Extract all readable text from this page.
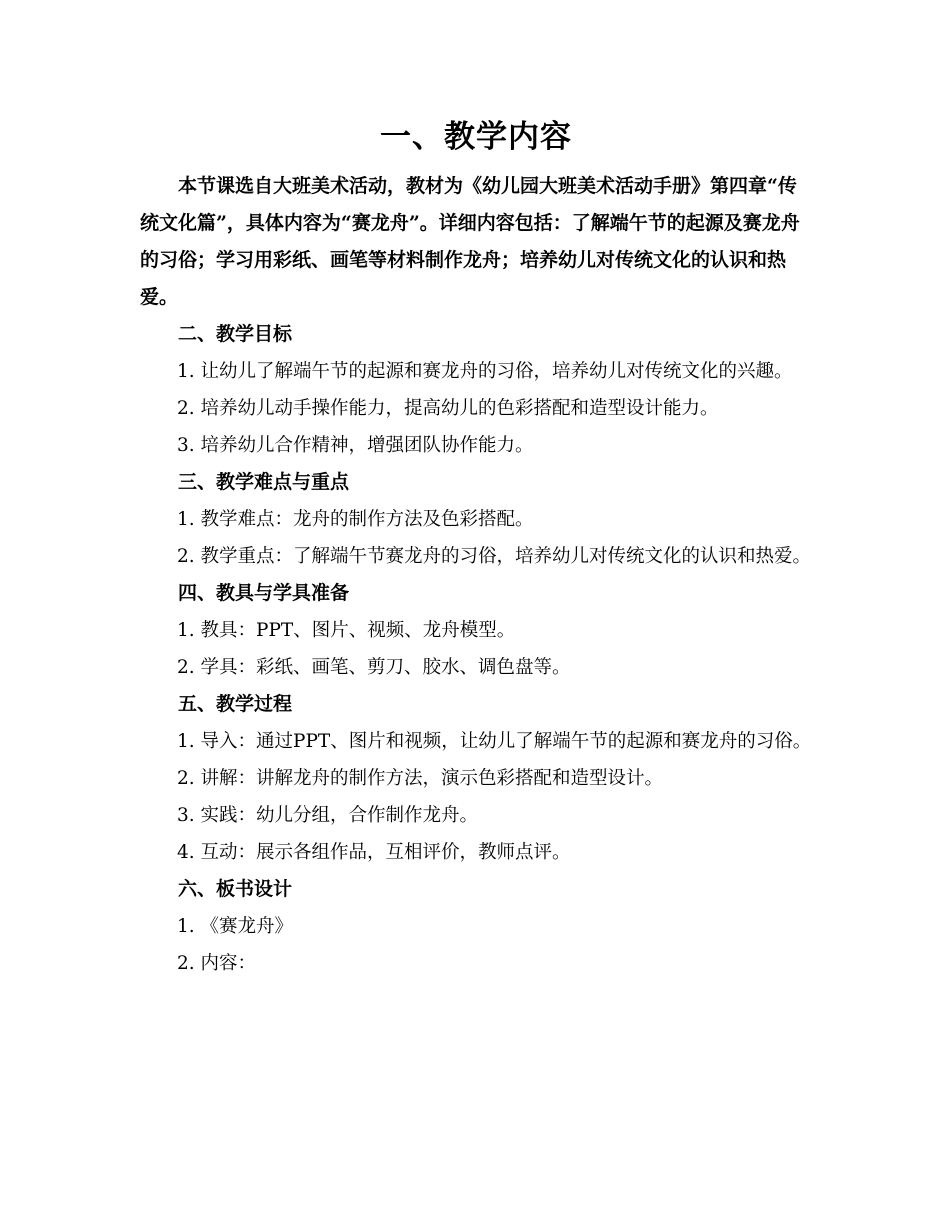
一、教学内容

本节课选自大班美术活动，教材为《幼儿园大班美术活动手册》第四章“传统文化篇”，具体内容为“赛龙舟”。详细内容包括：了解端午节的起源及赛龙舟的习俗；学习用彩纸、画笔等材料制作龙舟；培养幼儿对传统文化的认识和热爱。

二、教学目标

1. 让幼儿了解端午节的起源和赛龙舟的习俗，培养幼儿对传统文化的兴趣。

2. 培养幼儿动手操作能力，提高幼儿的色彩搭配和造型设计能力。

3. 培养幼儿合作精神，增强团队协作能力。

三、教学难点与重点

1. 教学难点：龙舟的制作方法及色彩搭配。

2. 教学重点：了解端午节赛龙舟的习俗，培养幼儿对传统文化的认识和热爱。

四、教具与学具准备

1. 教具：PPT、图片、视频、龙舟模型。

2. 学具：彩纸、画笔、剪刀、胶水、调色盘等。

五、教学过程

1. 导入：通过PPT、图片和视频，让幼儿了解端午节的起源和赛龙舟的习俗。

2. 讲解：讲解龙舟的制作方法，演示色彩搭配和造型设计。

3. 实践：幼儿分组，合作制作龙舟。

4. 互动：展示各组作品，互相评价，教师点评。

六、板书设计

1. 《赛龙舟》

2. 内容：
